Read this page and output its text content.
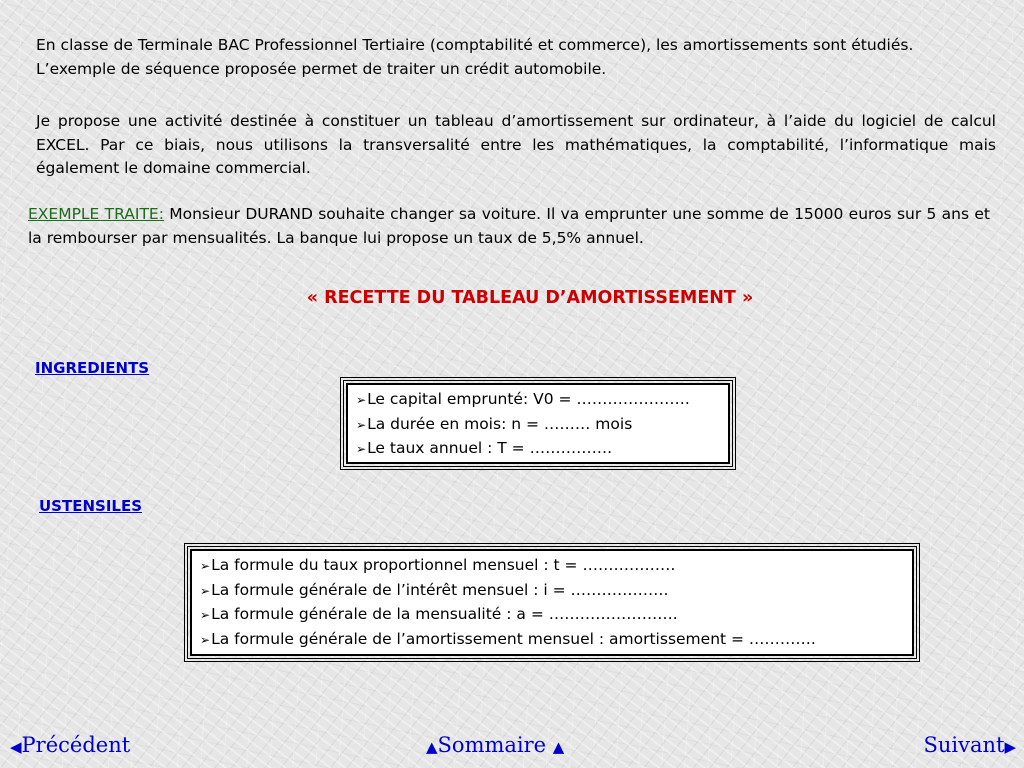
En classe de Terminale BAC Professionnel Tertiaire (comptabilité et commerce), les amortissements sont étudiés. L’exemple de séquence proposée permet de traiter un crédit automobile.

Je propose une activité destinée à constituer un tableau d’amortissement sur ordinateur, à l’aide du logiciel de calcul EXCEL. Par ce biais, nous utilisons la transversalité entre les mathématiques, la comptabilité, l’informatique mais également le domaine commercial.

EXEMPLE TRAITE: Monsieur DURAND souhaite changer sa voiture. Il va emprunter une somme de 15000 euros sur 5 ans et la rembourser par mensualités. La banque lui propose un taux de 5,5% annuel.

« RECETTE DU TABLEAU D’AMORTISSEMENT »

INGREDIENTS
➢Le capital emprunté: V0 = ………………….
➢La durée en mois: n = ……… mois
➢Le taux annuel : T = …………….
USTENSILES
➢La formule du taux proportionnel mensuel : t = ………………
➢La formule générale de l’intérêt mensuel : i = ……………….
➢La formule générale de la mensualité : a = …………………….
➢La formule générale de l’amortissement mensuel : amortissement = ………….
◀Précédent	▲Sommaire ▲	Suivant▶
